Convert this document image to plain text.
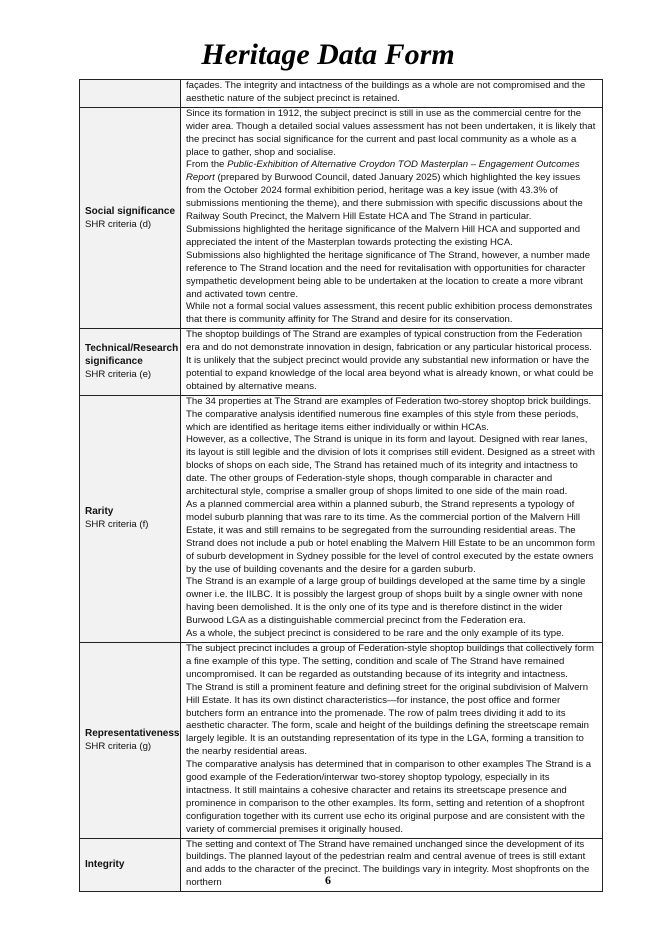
Heritage Data Form

	façades. The integrity and intactness of the buildings as a whole are not compromised and the aesthetic nature of the subject precinct is retained.

Social significance
SHR criteria (d)	Since its formation in 1912, the subject precinct is still in use as the commercial centre for the wider area. Though a detailed social values assessment has not been undertaken, it is likely that the precinct has social significance for the current and past local community as a whole as a place to gather, shop and socialise.
From the Public-Exhibition of Alternative Croydon TOD Masterplan – Engagement Outcomes Report (prepared by Burwood Council, dated January 2025) which highlighted the key issues from the October 2024 formal exhibition period, heritage was a key issue (with 43.3% of submissions mentioning the theme), and there submission with specific discussions about the Railway South Precinct, the Malvern Hill Estate HCA and The Strand in particular.
Submissions highlighted the heritage significance of the Malvern Hill HCA and supported and appreciated the intent of the Masterplan towards protecting the existing HCA.
Submissions also highlighted the heritage significance of The Strand, however, a number made reference to The Strand location and the need for revitalisation with opportunities for character sympathetic development being able to be undertaken at the location to create a more vibrant and activated town centre.
While not a formal social values assessment, this recent public exhibition process demonstrates that there is community affinity for The Strand and desire for its conservation.

Technical/Research significance
SHR criteria (e)	The shoptop buildings of The Strand are examples of typical construction from the Federation era and do not demonstrate innovation in design, fabrication or any particular historical process. It is unlikely that the subject precinct would provide any substantial new information or have the potential to expand knowledge of the local area beyond what is already known, or what could be obtained by alternative means.

Rarity
SHR criteria (f)	The 34 properties at The Strand are examples of Federation two-storey shoptop brick buildings. The comparative analysis identified numerous fine examples of this style from these periods, which are identified as heritage items either individually or within HCAs.
However, as a collective, The Strand is unique in its form and layout. Designed with rear lanes, its layout is still legible and the division of lots it comprises still evident. Designed as a street with blocks of shops on each side, The Strand has retained much of its integrity and intactness to date. The other groups of Federation-style shops, though comparable in character and architectural style, comprise a smaller group of shops limited to one side of the main road.
As a planned commercial area within a planned suburb, the Strand represents a typology of model suburb planning that was rare to its time. As the commercial portion of the Malvern Hill Estate, it was and still remains to be segregated from the surrounding residential areas. The Strand does not include a pub or hotel enabling the Malvern Hill Estate to be an uncommon form of suburb development in Sydney possible for the level of control executed by the estate owners by the use of building covenants and the desire for a garden suburb.
The Strand is an example of a large group of buildings developed at the same time by a single owner i.e. the IILBC. It is possibly the largest group of shops built by a single owner with none having been demolished. It is the only one of its type and is therefore distinct in the wider Burwood LGA as a distinguishable commercial precinct from the Federation era.
As a whole, the subject precinct is considered to be rare and the only example of its type.

Representativeness
SHR criteria (g)	The subject precinct includes a group of Federation-style shoptop buildings that collectively form a fine example of this type. The setting, condition and scale of The Strand have remained uncompromised. It can be regarded as outstanding because of its integrity and intactness.
The Strand is still a prominent feature and defining street for the original subdivision of Malvern Hill Estate. It has its own distinct characteristics—for instance, the post office and former butchers form an entrance into the promenade. The row of palm trees dividing it add to its aesthetic character. The form, scale and height of the buildings defining the streetscape remain largely legible. It is an outstanding representation of its type in the LGA, forming a transition to the nearby residential areas.
The comparative analysis has determined that in comparison to other examples The Strand is a good example of the Federation/interwar two-storey shoptop typology, especially in its intactness. It still maintains a cohesive character and retains its streetscape presence and prominence in comparison to the other examples. Its form, setting and retention of a shopfront configuration together with its current use echo its original purpose and are consistent with the variety of commercial premises it originally housed.

Integrity	The setting and context of The Strand have remained unchanged since the development of its buildings. The planned layout of the pedestrian realm and central avenue of trees is still extant and adds to the character of the precinct. The buildings vary in integrity. Most shopfronts on the northern	6
